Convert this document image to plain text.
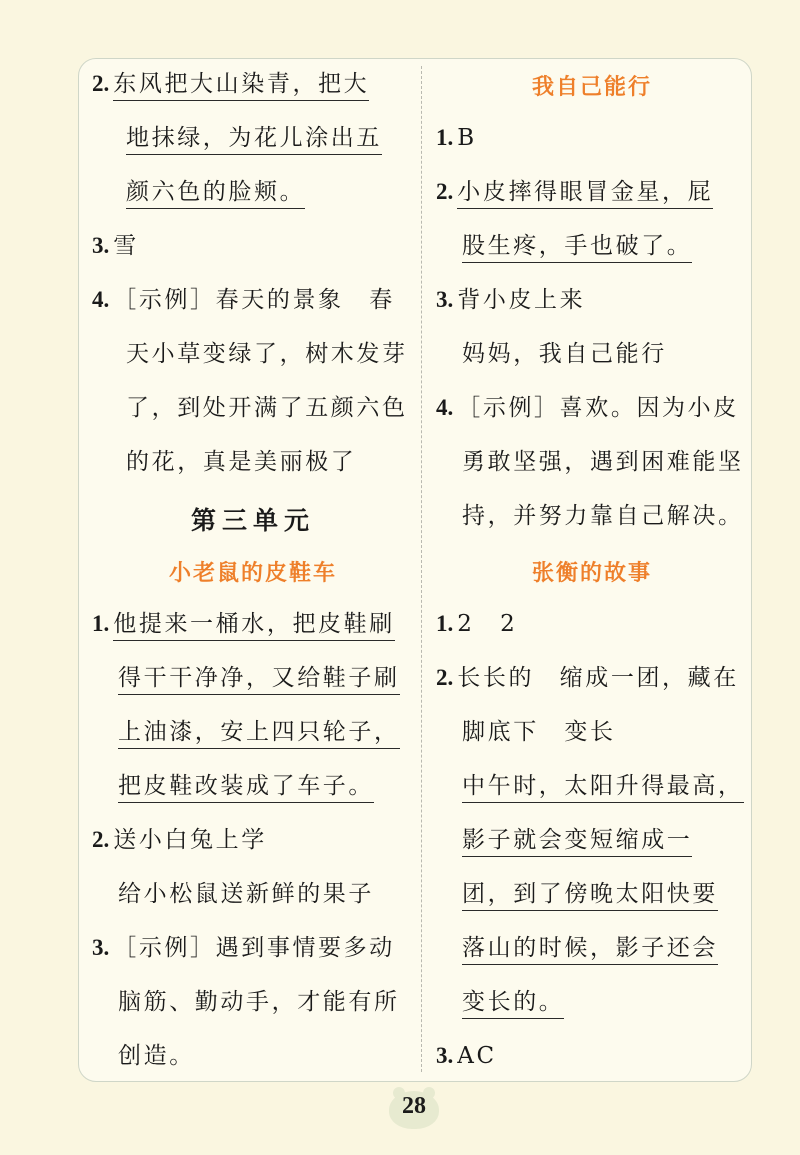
2. 东风把大山染青，把大
地抹绿，为花儿涂出五
颜六色的脸颊。
3. 雪
4. ［示例］春天的景象　春
天小草变绿了，树木发芽
了，到处开满了五颜六色
的花，真是美丽极了
第三单元
小老鼠的皮鞋车
1. 他提来一桶水，把皮鞋刷
得干干净净，又给鞋子刷
上油漆，安上四只轮子，
把皮鞋改装成了车子。
2. 送小白兔上学
给小松鼠送新鲜的果子
3. ［示例］遇到事情要多动
脑筋、勤动手，才能有所
创造。
我自己能行
1. B
2. 小皮摔得眼冒金星，屁
股生疼，手也破了。
3. 背小皮上来
妈妈，我自己能行
4. ［示例］喜欢。因为小皮
勇敢坚强，遇到困难能坚
持，并努力靠自己解决。
张衡的故事
1. 2　2
2. 长长的　缩成一团，藏在
脚底下　变长
中午时，太阳升得最高，
影子就会变短缩成一
团，到了傍晚太阳快要
落山的时候，影子还会
变长的。
3. AC
28
